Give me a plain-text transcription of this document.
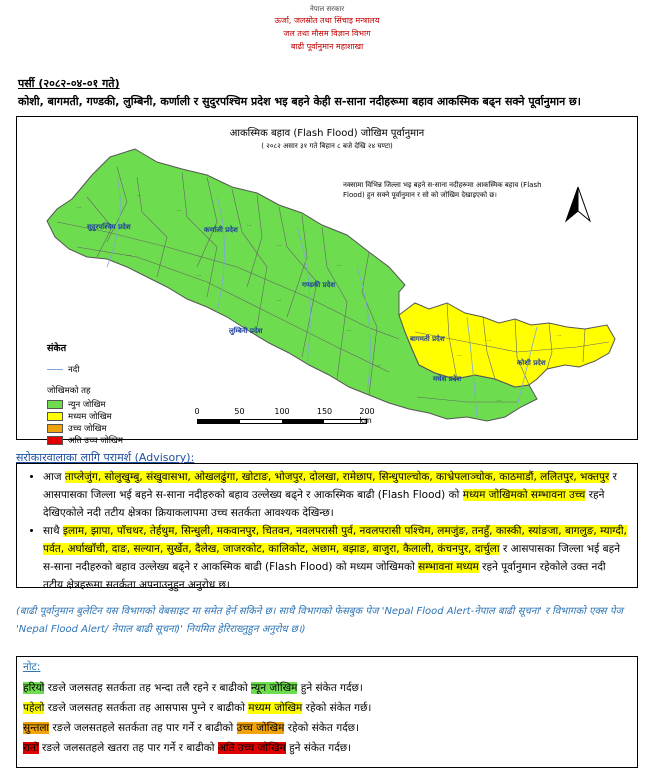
नेपाल सरकार
ऊर्जा, जलस्रोत तथा सिंचाइ मन्त्रालय
जल तथा मौसम विज्ञान विभाग
बाढी पूर्वानुमान महाशाखा
पर्सी (२०८२-०४-०१ गते)
कोशी, बागमती, गण्डकी, लुम्बिनी, कर्णाली र सुदुरपश्चिम प्रदेश भइ बहने केही स-साना नदीहरूमा बहाव आकस्मिक बढ्न सक्ने पूर्वानुमान छ।
सुदुरपश्चिम प्रदेश	कर्णाली प्रदेश
लुम्बिनी प्रदेश
गण्डकी प्रदेश
बागमती प्रदेश
कोशी प्रदेश
मधेश प्रदेश
···
···
···
···
···
···
···
···
···
···
···
···
···
···
···
आकस्मिक बहाव (Flash Flood) जोखिम पूर्वानुमान
( २०८२ असार ३१ गते बिहान ८ बजे देखि २४ घण्टा)
नक्सामा विभिन्न जिल्ला भइ बहने स-साना नदीहरूमा आकस्मिक बहाव (Flash Flood) हुन सक्ने पूर्वानुमान र सो को जोखिम देखाइएको छ।
संकेत
नदी
जोखिमको तह
न्युन जोखिम
मध्यम जोखिम
उच्च जोखिम
अति उच्च जोखिम
0	50	100	150	200 km
सरोकारवालाका लागि परामर्श (Advisory):
• आज ताप्लेजुंग, सोलुखुम्बु, संखुवासभा, ओखलढुंगा, खोटाङ, भोजपुर, दोलखा, रामेछाप, सिन्धुपाल्चोक, काभ्रेपलाञ्चोक, काठमाडौं, ललितपुर, भक्तपुर र आसपासका जिल्ला भई बहने स-साना नदीहरुको बहाव उल्लेख्य बढ्ने र आकस्मिक बाढी (Flash Flood) को मध्यम जोखिमको सम्भावना उच्च रहने देखिएकोले नदी तटीय क्षेत्रका क्रियाकलापमा उच्च सतर्कता आवश्यक देखिन्छ।
• साथै इलाम, झापा, पाँचथर, तेर्हथुम, सिन्धुली, मकवानपुर, चितवन, नवलपरासी पुर्व, नवलपरासी पश्चिम, लमजुंङ, तनहुँ, कास्की, स्यांङजा, बागलुङ, म्याग्दी, पर्वत, अर्घाखाँची, दाङ, सल्यान, सुर्खेत, दैलेख, जाजरकोट, कालिकोट, अछाम, बझाङ, बाजुरा, कैलाली, कंचनपुर, दार्चुला र आसपासका जिल्ला भई बहने स-साना नदीहरुको बहाव उल्लेख्य बढ्ने र आकस्मिक बाढी (Flash Flood) को मध्यम जोखिमको सम्भावना मध्यम रहने पूर्वानुमान रहेकोले उक्त नदी तटीय क्षेत्रहरूमा सतर्कता अपनाउनुहुन अनुरोध छ।
(बाढी पूर्वानुमान बुलेटिन यस विभागको वेबसाइट मा समेत हेर्न सकिने छ। साथै विभागको फेसबुक पेज 'Nepal Flood Alert-नेपाल बाढी सूचना' र विभागको एक्स पेज 'Nepal Flood Alert/ नेपाल बाढी सूचना)' नियमित हेरिराख्नुहुन अनुरोध छ।)
नोट:
हरियो रङले जलसतह सतर्कता तह भन्दा तलै रहने र बाढीको न्यून जोखिम हुने संकेत गर्दछ।
पहेलो रङले जलसतह सतर्कता तह आसपास पुग्ने र बाढीको मध्यम जोखिम रहेको संकेत गर्छ।
सुन्तला रङले जलसतहले सतर्कता तह पार गर्ने र बाढीको उच्च जोखिम रहेको संकेत गर्दछ।
रातो रङले जलसतहले खतरा तह पार गर्ने र बाढीको अति उच्च जोखिम हुने संकेत गर्दछ।
